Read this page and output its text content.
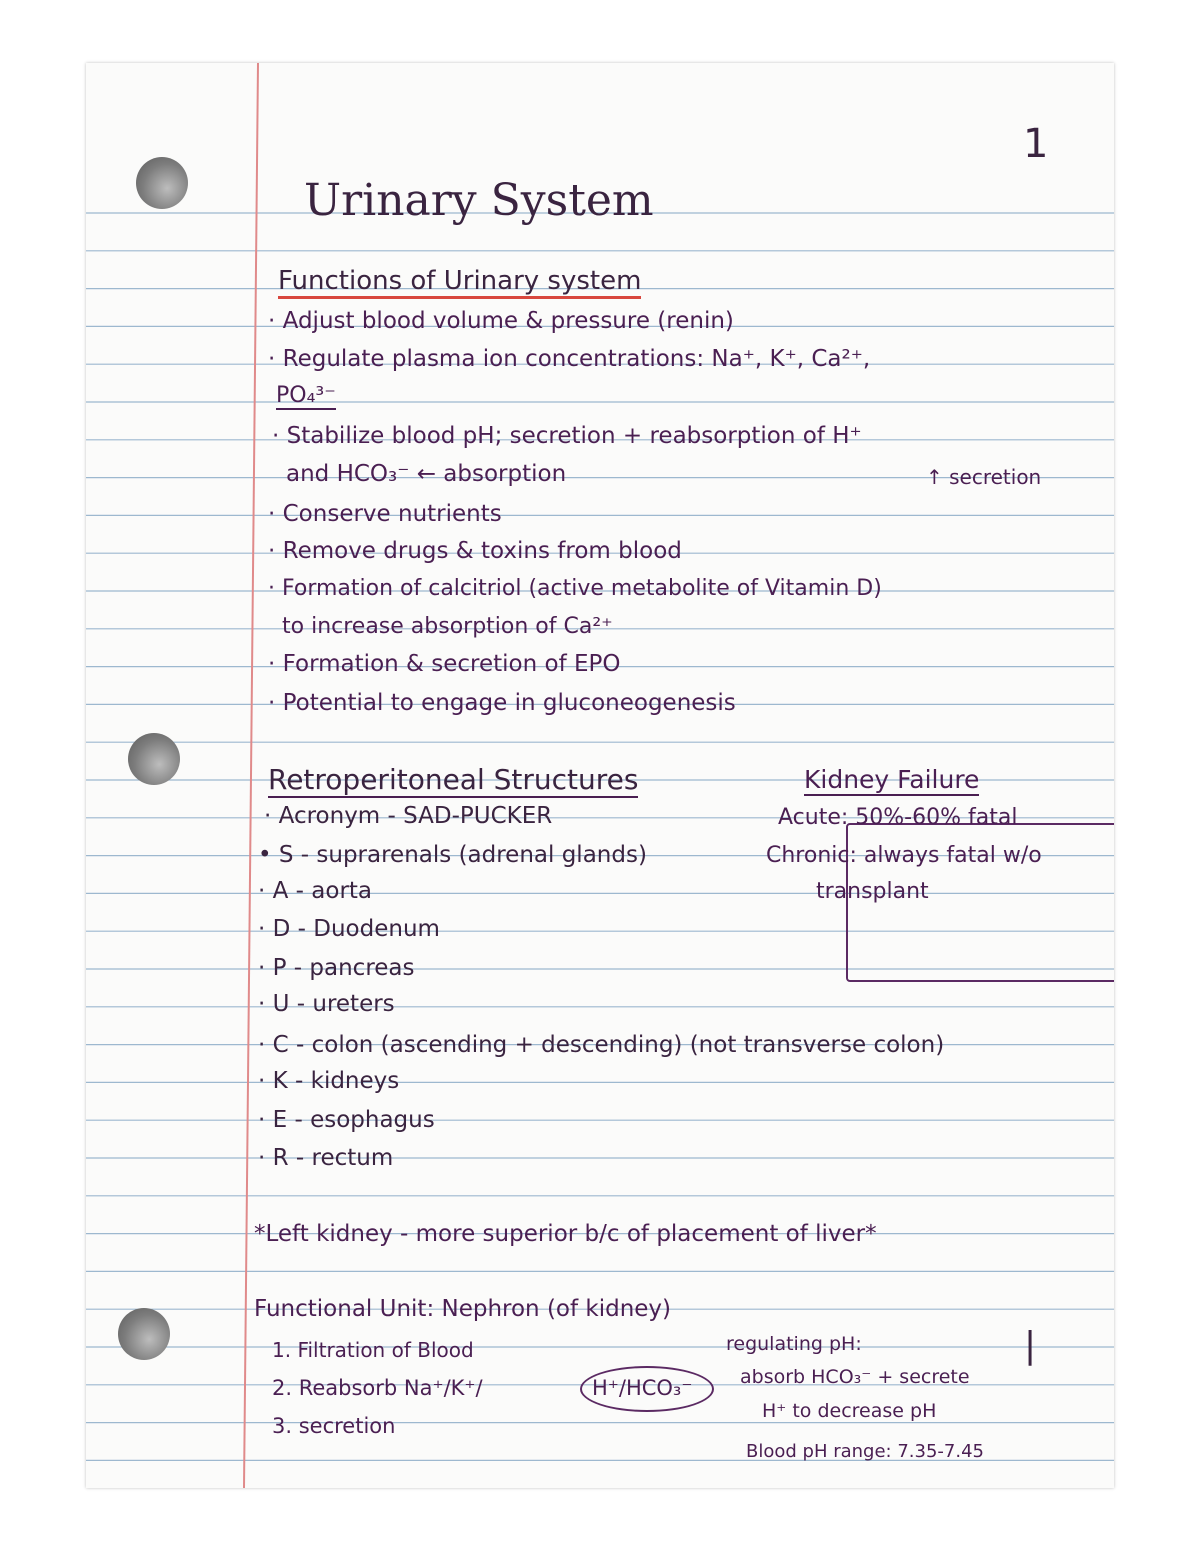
1
Urinary System
Functions of Urinary system
· Adjust blood volume & pressure (renin)
· Regulate plasma ion concentrations: Na⁺, K⁺, Ca²⁺,
PO₄³⁻
· Stabilize blood pH; secretion + reabsorption of H⁺
and HCO₃⁻ ← absorption	↑ secretion
· Conserve nutrients
· Remove drugs & toxins from blood
· Formation of calcitriol (active metabolite of Vitamin D)
to increase absorption of Ca²⁺
· Formation & secretion of EPO
· Potential to engage in gluconeogenesis
Retroperitoneal Structures
· Acronym - SAD-PUCKER
• S - suprarenals (adrenal glands)
· A - aorta
· D - Duodenum
· P - pancreas
· U - ureters
· C - colon (ascending + descending) (not transverse colon)
· K - kidneys
· E - esophagus
· R - rectum
Kidney Failure
Acute: 50%-60% fatal
Chronic: always fatal w/o
transplant
*Left kidney - more superior b/c of placement of liver*
Functional Unit: Nephron (of kidney)
1. Filtration of Blood
2. Reabsorb Na⁺/K⁺/	H⁺/HCO₃⁻
3. secretion
regulating pH:
absorb HCO₃⁻ + secrete
H⁺ to decrease pH
Blood pH range: 7.35-7.45
|
